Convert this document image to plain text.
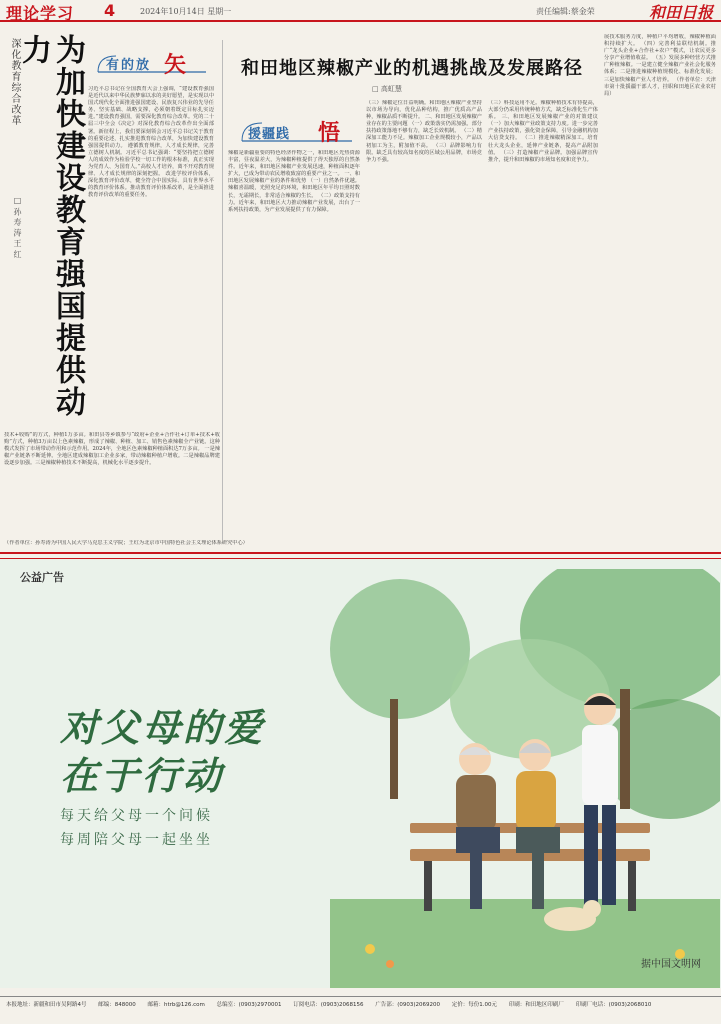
理论学习 4	2024年10月14日 星期一	责任编辑:蔡金荣	和田日报
深化教育综合改革	为加快建设教育强国提供动力
□ 孙 寿 涛 王 红
习近平总书记在全国教育大会上强调，“建设教育强国是近代以来中华民族梦寐以求的美好愿望，是实现以中国式现代化全面推进强国建设、民族复兴伟业的先导任务、坚实基础、战略支撑，必须朝着既定目标扎实迈进。”建设教育强国，需要深化教育综合改革。党的二十届三中全会《决定》对深化教育综合改革作出全面部署。新征程上，我们要深刻领会习近平总书记关于教育的重要论述，扎实推进教育综合改革，为加快建设教育强国提供动力。 遵循教育规律，人才成长规律，完善立德树人机制。习近平总书记强调：“要坚持把立德树人的成效作为检验学校一切工作的根本标准，真正实现为党育人、为国育人。”高校人才培养，离不开对教育规律、人才成长规律的深刻把握。 改进学校评价体系，深化教育评价改革，健全符合中国实际、具有世界水平的教育评价体系。推动教育评价体系改革，是全面推进教育评价改革的重要任务。
技术+收购”的方式，种植1万多亩。和田县等乡镇参与“政府+企业+合作社+订单+技术+收购”方式，种植3万亩以上色素辣椒，形成了辣椒、种植、加工、销售色素辣椒全产业链。这种模式发挥了市场带动作用和示范作用。2024年，全地区色素辣椒种植面积达7万多亩。 一是辣椒产业链条不断延伸。全地区建成辣椒加工企业多家，带动辣椒种植户增收。二是辣椒品牌建设逐步加强。三是辣椒种植技术不断提高，机械化水平逐步提升。
（作者单位：孙寿涛为中国人民大学马克思主义学院；王红为北京市中国特色社会主义理论体系研究中心）
有的放 矢	和田地区辣椒产业的机遇挑战及发展路径
□ 高虹慧
援疆践 悟
辣椒是新疆重要的特色经济作物之一，和田地区光热资源丰富，昼夜温差大，为辣椒种植提供了得天独厚的自然条件。近年来，和田地区辣椒产业发展迅速，种植面积逐年扩大，已成为带动农民增收致富的重要产业之一。 一、和田地区发展辣椒产业的条件和优势 （一）自然条件优越。辣椒喜温暖，光照充足的环境，和田地区年平均日照时数长，无霜期长，非常适合辣椒的生长。 （二）政策支持有力。近年来，和田地区大力推动辣椒产业发展，出台了一系列扶持政策，为产业发展提供了有力保障。
（三）辣椒定位日益明确。和田地区辣椒产业坚持以市场为导向，优化品种结构，推广优质高产品种，辣椒品质不断提升。 二、和田地区发展辣椒产业存在的主要问题 （一）政策落实仍需加强。部分扶持政策落地不够有力，缺乏长效机制。 （二）精深加工能力不足。辣椒加工企业规模较小，产品以初加工为主，附加值不高。 （三）品牌影响力有限。缺乏具有较高知名度的区域公用品牌，市场竞争力不强。
（三）科技运用不足。辣椒种植技术有待提高，大部分仍采用传统种植方式，缺乏标准化生产体系。 三、和田地区发展辣椒产业的对策建议 （一）加大辣椒产业政策支持力度。进一步完善产业扶持政策，强化资金保障，引导金融机构加大信贷支持。 （二）推进辣椒精深加工。培育壮大龙头企业，延伸产业链条，提高产品附加值。 （三）打造辣椒产业品牌。加强品牌宣传推介，提升和田辣椒的市场知名度和竞争力。
展技术服务力度，种植户平均增收，辣椒种植面积持续扩大。 （四）完善利益联结机制。推广“龙头企业+合作社+农户”模式，让农民更多分享产业增值收益。 （五）发展多种经营方式推广种植辣椒。一是建立健全辣椒产业社会化服务体系；二是推进辣椒种植规模化、标准化发展；三是加快辣椒产业人才培养。 （作者单位：天津市第十批援疆干部人才，挂职和田地区农业农村局）
公益广告
对父母的爱
在于行动
每天给父母一个问候
每周陪父母一起坐坐
据中国文明网
本报地址：新疆和田市吴阿路4号 邮编：848000 邮箱：htrb@126.com 总编室：(0903)2970001 订阅电话：(0903)2068156 广告部：(0903)2069200 定价：每份1.00元 印刷：和田地区印刷厂 印刷厂电话：(0903)2068010
